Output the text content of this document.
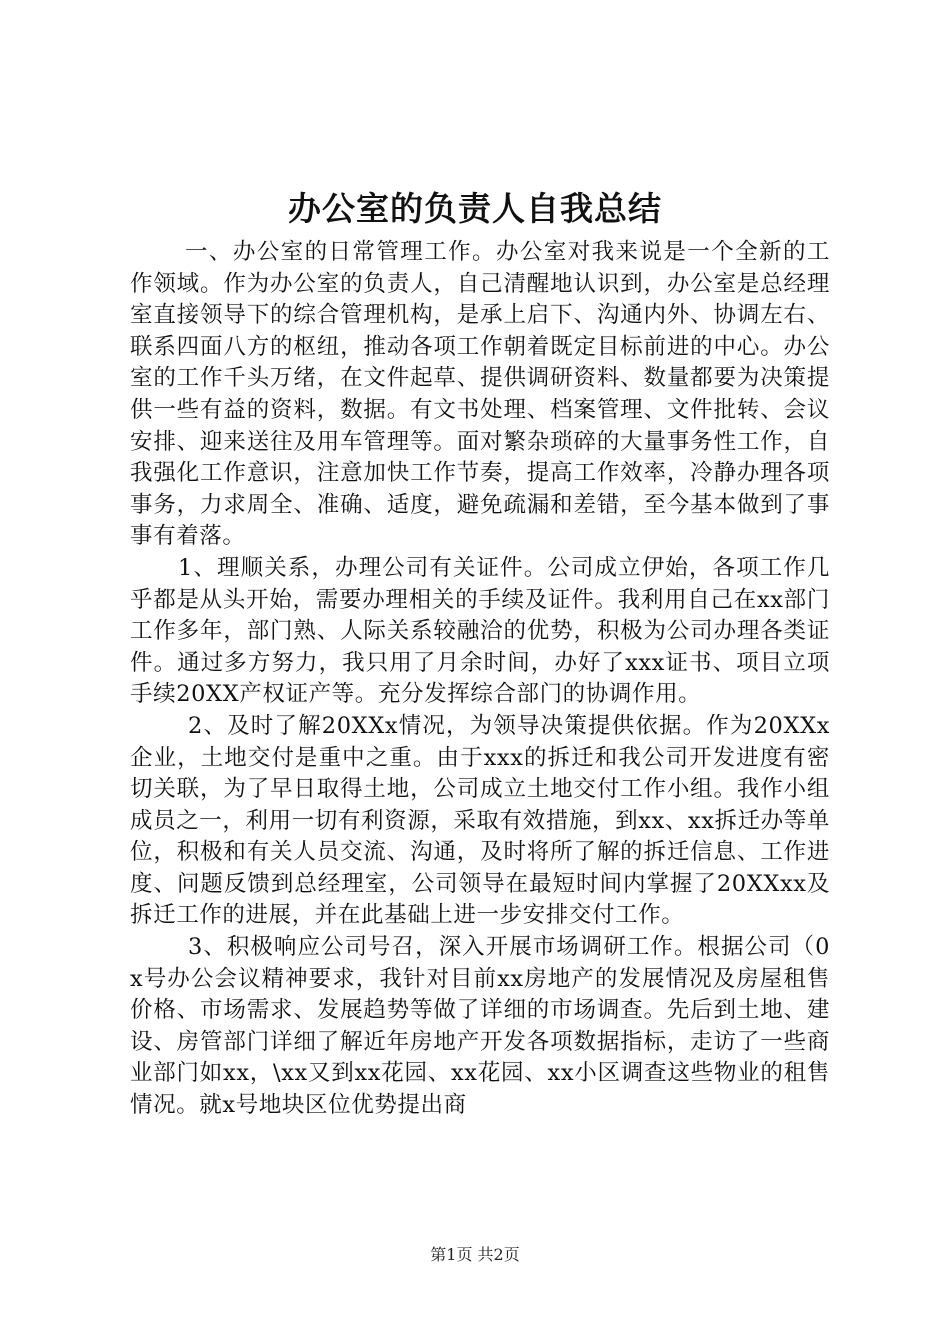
办公室的负责人自我总结

一、办公室的日常管理工作。办公室对我来说是一个全新的工作领域。作为办公室的负责人，自己清醒地认识到，办公室是总经理室直接领导下的综合管理机构，是承上启下、沟通内外、协调左右、联系四面八方的枢纽，推动各项工作朝着既定目标前进的中心。办公室的工作千头万绪，在文件起草、提供调研资料、数量都要为决策提供一些有益的资料，数据。有文书处理、档案管理、文件批转、会议安排、迎来送往及用车管理等。面对繁杂琐碎的大量事务性工作，自我强化工作意识，注意加快工作节奏，提高工作效率，冷静办理各项事务，力求周全、准确、适度，避免疏漏和差错，至今基本做到了事事有着落。

1、理顺关系，办理公司有关证件。公司成立伊始，各项工作几乎都是从头开始，需要办理相关的手续及证件。我利用自己在xx部门工作多年，部门熟、人际关系较融洽的优势，积极为公司办理各类证件。通过多方努力，我只用了月余时间，办好了xxx证书、项目立项手续20XX产权证产等。充分发挥综合部门的协调作用。

2、及时了解20XXx情况，为领导决策提供依据。作为20XXx企业，土地交付是重中之重。由于xxx的拆迁和我公司开发进度有密切关联，为了早日取得土地，公司成立土地交付工作小组。我作小组成员之一，利用一切有利资源，采取有效措施，到xx、xx拆迁办等单位，积极和有关人员交流、沟通，及时将所了解的拆迁信息、工作进度、问题反馈到总经理室，公司领导在最短时间内掌握了20XXxx及拆迁工作的进展，并在此基础上进一步安排交付工作。

3、积极响应公司号召，深入开展市场调研工作。根据公司（0x号办公会议精神要求，我针对目前xx房地产的发展情况及房屋租售价格、市场需求、发展趋势等做了详细的市场调查。先后到土地、建设、房管部门详细了解近年房地产开发各项数据指标，走访了一些商业部门如xx，\xx又到xx花园、xx花园、xx小区调查这些物业的租售情况。就x号地块区位优势提出商

第1页 共2页
